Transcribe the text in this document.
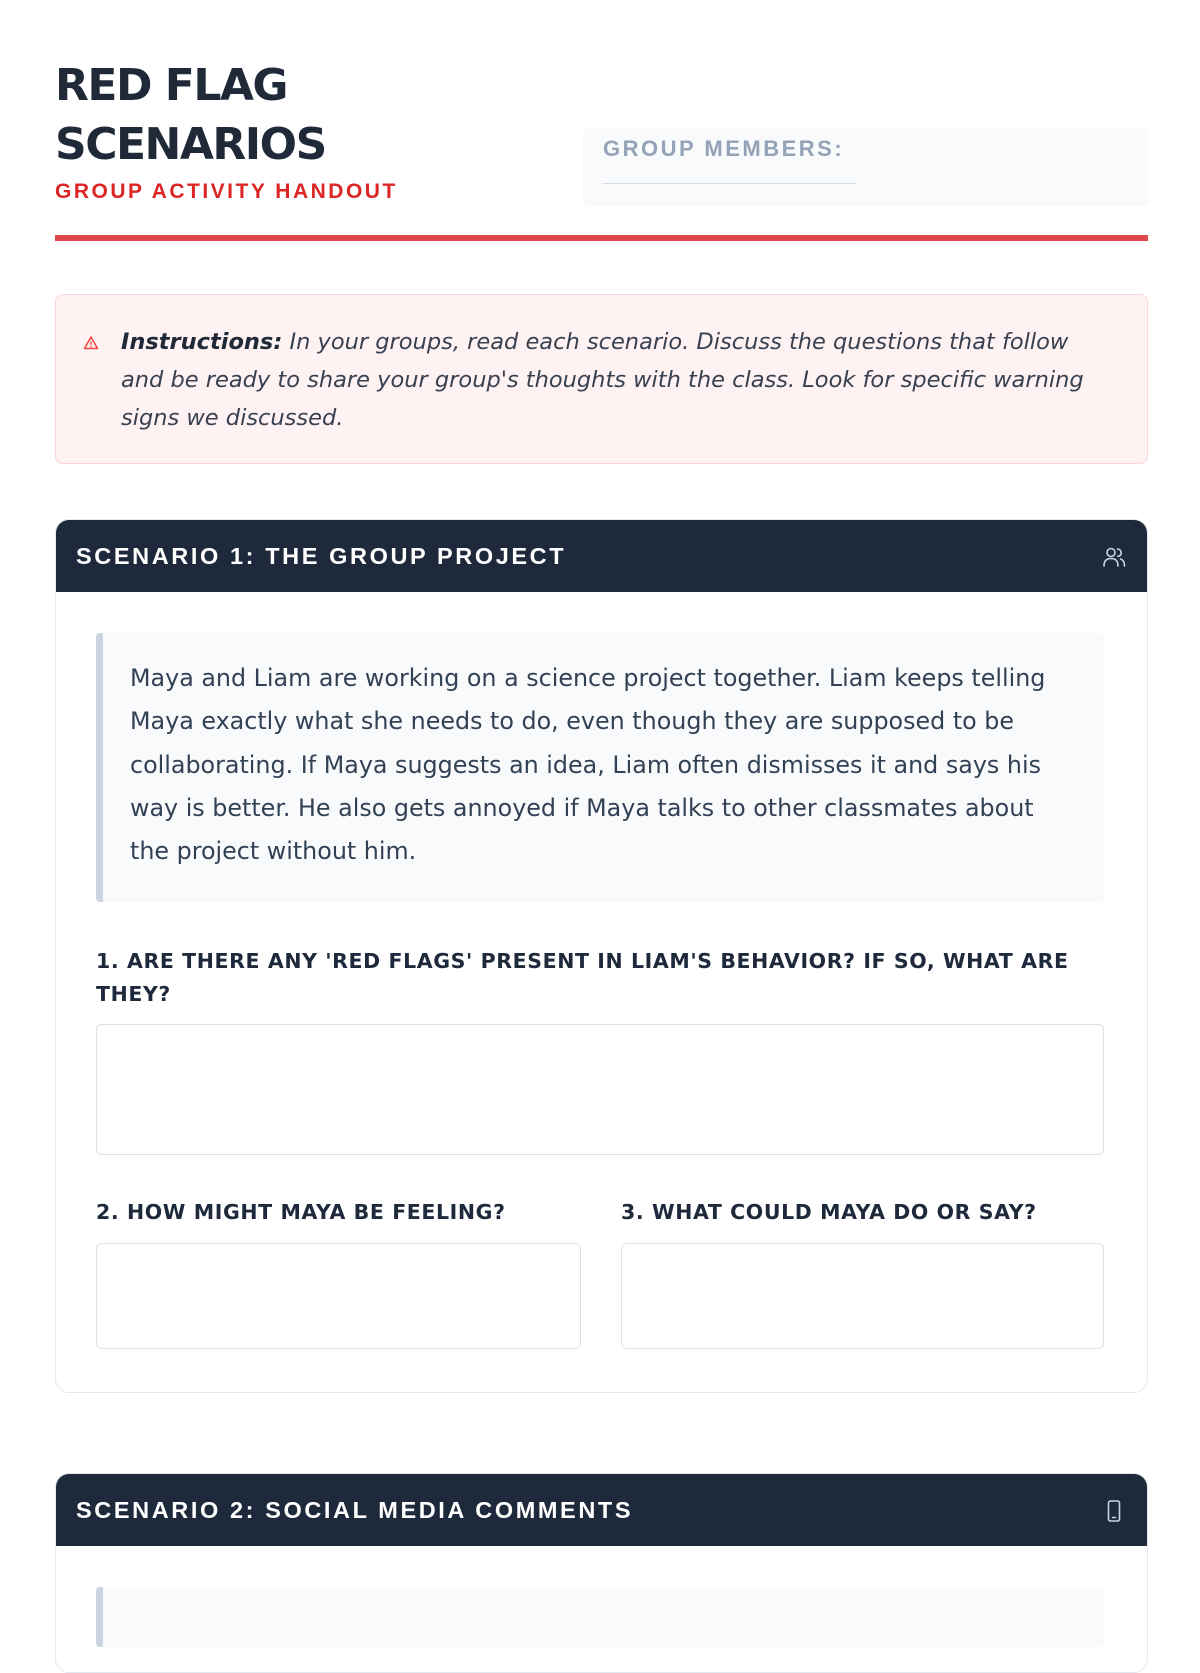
RED FLAG
SCENARIOS
GROUP ACTIVITY HANDOUT
GROUP MEMBERS:
______________________________

Instructions: In your groups, read each scenario. Discuss the questions that follow and be ready to share your group's thoughts with the class. Look for specific warning signs we discussed.

SCENARIO 1: THE GROUP PROJECT

Maya and Liam are working on a science project together. Liam keeps telling Maya exactly what she needs to do, even though they are supposed to be collaborating. If Maya suggests an idea, Liam often dismisses it and says his way is better. He also gets annoyed if Maya talks to other classmates about the project without him.

1. ARE THERE ANY 'RED FLAGS' PRESENT IN LIAM'S BEHAVIOR? IF SO, WHAT ARE THEY?
2. HOW MIGHT MAYA BE FEELING?	3. WHAT COULD MAYA DO OR SAY?
SCENARIO 2: SOCIAL MEDIA COMMENTS
